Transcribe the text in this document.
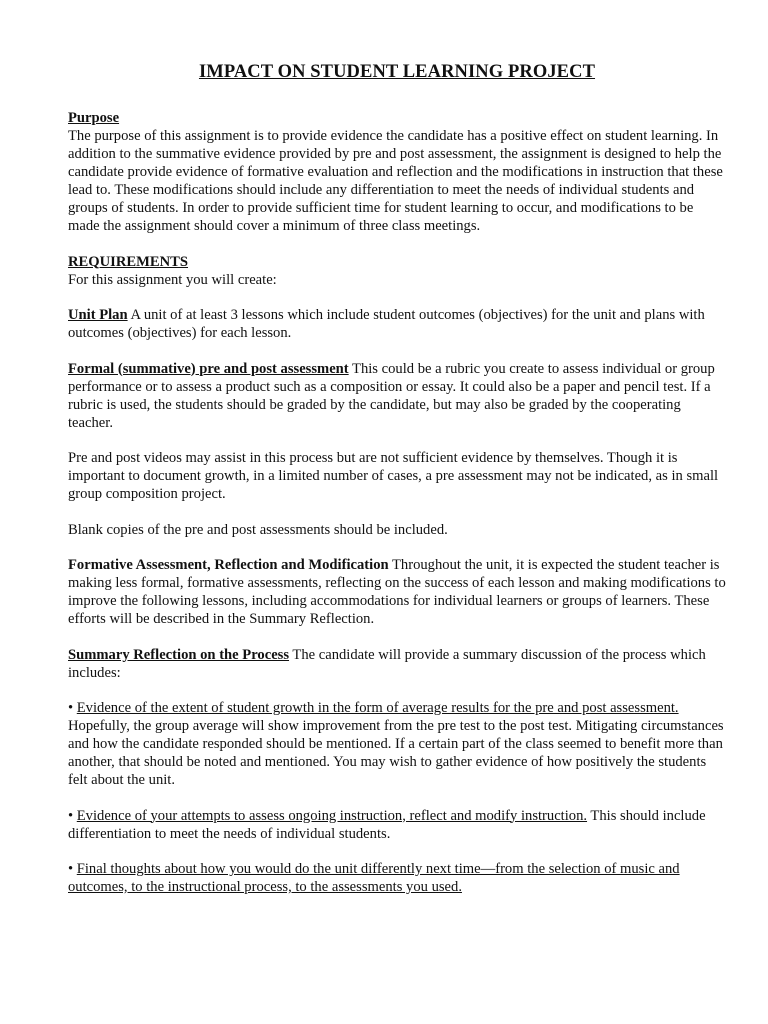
IMPACT ON STUDENT LEARNING PROJECT

Purpose

The purpose of this assignment is to provide evidence the candidate has a positive effect on student learning. In addition to the summative evidence provided by pre and post assessment, the assignment is designed to help the candidate provide evidence of formative evaluation and reflection and the modifications in instruction that these lead to. These modifications should include any differentiation to meet the needs of individual students and groups of students. In order to provide sufficient time for student learning to occur, and modifications to be made the assignment should cover a minimum of three class meetings.

REQUIREMENTS

For this assignment you will create:

Unit Plan A unit of at least 3 lessons which include student outcomes (objectives) for the unit and plans with outcomes (objectives) for each lesson.

Formal (summative) pre and post assessment This could be a rubric you create to assess individual or group performance or to assess a product such as a composition or essay. It could also be a paper and pencil test. If a rubric is used, the students should be graded by the candidate, but may also be graded by the cooperating teacher.

Pre and post videos may assist in this process but are not sufficient evidence by themselves. Though it is important to document growth, in a limited number of cases, a pre assessment may not be indicated, as in small group composition project.

Blank copies of the pre and post assessments should be included.

Formative Assessment, Reflection and Modification Throughout the unit, it is expected the student teacher is making less formal, formative assessments, reflecting on the success of each lesson and making modifications to improve the following lessons, including accommodations for individual learners or groups of learners. These efforts will be described in the Summary Reflection.

Summary Reflection on the Process The candidate will provide a summary discussion of the process which includes:

• Evidence of the extent of student growth in the form of average results for the pre and post assessment. Hopefully, the group average will show improvement from the pre test to the post test. Mitigating circumstances and how the candidate responded should be mentioned. If a certain part of the class seemed to benefit more than another, that should be noted and mentioned. You may wish to gather evidence of how positively the students felt about the unit.

• Evidence of your attempts to assess ongoing instruction, reflect and modify instruction. This should include differentiation to meet the needs of individual students.

• Final thoughts about how you would do the unit differently next time—from the selection of music and outcomes, to the instructional process, to the assessments you used.
